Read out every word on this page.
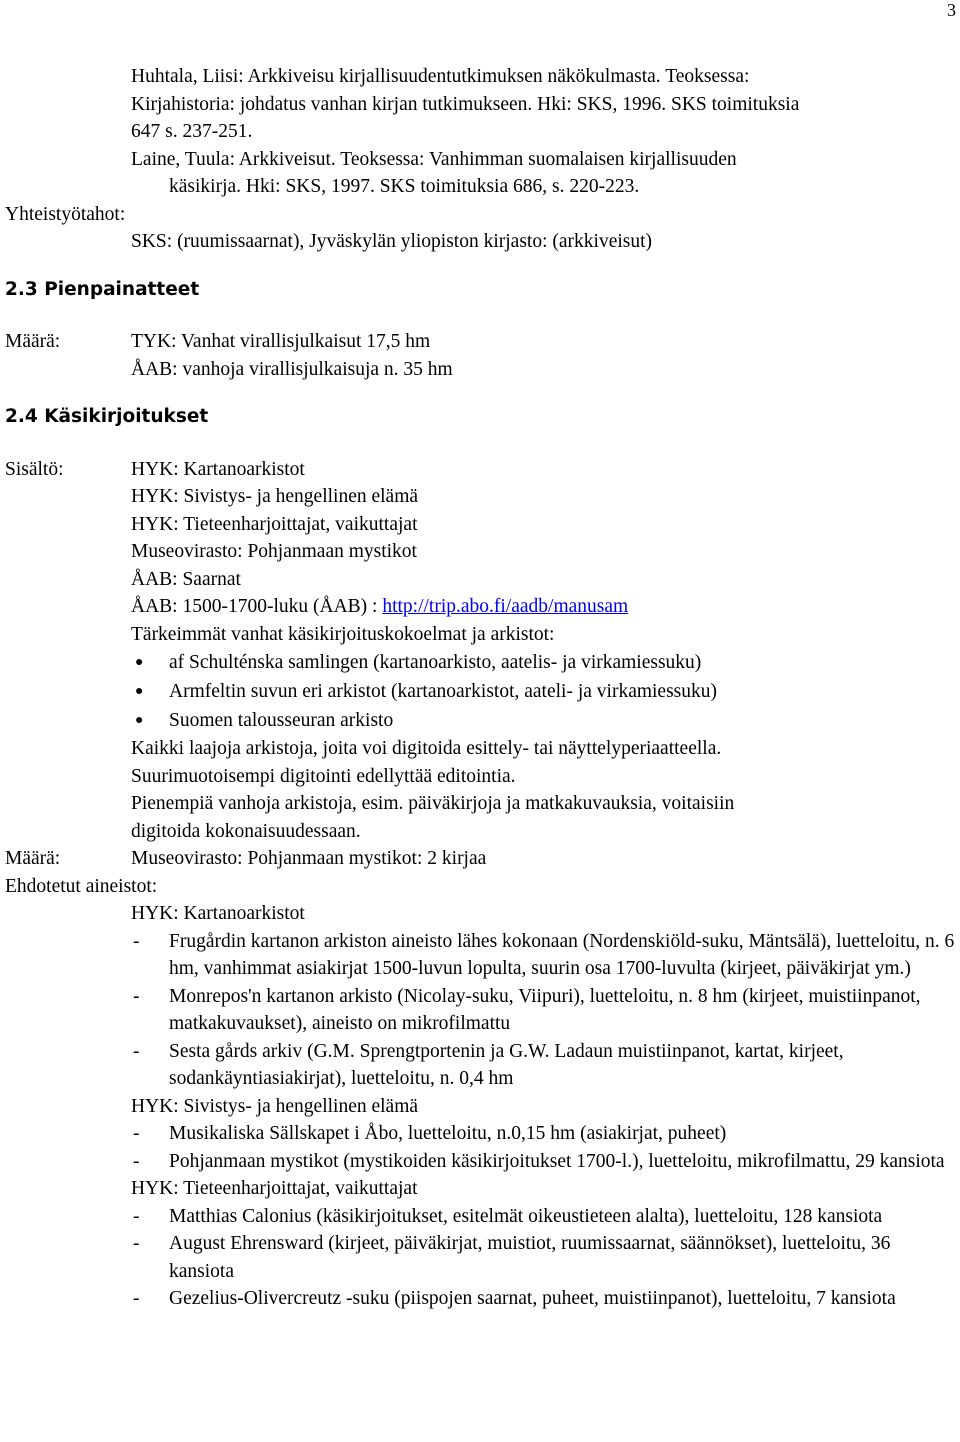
3
Huhtala, Liisi: Arkkiveisu kirjallisuudentutkimuksen näkökulmasta. Teoksessa:
Kirjahistoria: johdatus vanhan kirjan tutkimukseen. Hki: SKS, 1996. SKS toimituksia
647 s. 237-251.
Laine, Tuula: Arkkiveisut. Teoksessa: Vanhimman suomalaisen kirjallisuuden
käsikirja. Hki: SKS, 1997. SKS toimituksia 686, s. 220-223.
Yhteistyötahot:
SKS: (ruumissaarnat), Jyväskylän yliopiston kirjasto: (arkkiveisut)
2.3 Pienpainatteet
Määrä:	TYK: Vanhat virallisjulkaisut 17,5 hm
ÅAB: vanhoja virallisjulkaisuja n. 35 hm
2.4 Käsikirjoitukset
Sisältö:	HYK: Kartanoarkistot
HYK: Sivistys- ja hengellinen elämä
HYK: Tieteenharjoittajat, vaikuttajat
Museovirasto: Pohjanmaan mystikot
ÅAB: Saarnat
ÅAB: 1500-1700-luku (ÅAB) : http://trip.abo.fi/aadb/manusam
Tärkeimmät vanhat käsikirjoituskokoelmat ja arkistot:
●	af Schulténska samlingen (kartanoarkisto, aatelis- ja virkamiessuku)
●	Armfeltin suvun eri arkistot (kartanoarkistot, aateli- ja virkamiessuku)
●	Suomen talousseuran arkisto
Kaikki laajoja arkistoja, joita voi digitoida esittely- tai näyttelyperiaatteella.
Suurimuotoisempi digitointi edellyttää editointia.
Pienempiä vanhoja arkistoja, esim. päiväkirjoja ja matkakuvauksia, voitaisiin
digitoida kokonaisuudessaan.
Määrä:	Museovirasto: Pohjanmaan mystikot: 2 kirjaa
Ehdotetut aineistot:
HYK: Kartanoarkistot
-	Frugårdin kartanon arkiston aineisto lähes kokonaan (Nordenskiöld-suku, Mäntsälä), luetteloitu, n. 6 hm, vanhimmat asiakirjat 1500-luvun lopulta, suurin osa 1700-luvulta (kirjeet, päiväkirjat ym.)
-	Monrepos'n kartanon arkisto (Nicolay-suku, Viipuri), luetteloitu, n. 8 hm (kirjeet, muistiinpanot, matkakuvaukset), aineisto on mikrofilmattu
-	Sesta gårds arkiv (G.M. Sprengtportenin ja G.W. Ladaun muistiinpanot, kartat, kirjeet, sodankäyntiasiakirjat), luetteloitu, n. 0,4 hm
HYK: Sivistys- ja hengellinen elämä
-	Musikaliska Sällskapet i Åbo, luetteloitu, n.0,15 hm (asiakirjat, puheet)
-	Pohjanmaan mystikot (mystikoiden käsikirjoitukset 1700-l.), luetteloitu, mikrofilmattu, 29 kansiota
HYK: Tieteenharjoittajat, vaikuttajat
-	Matthias Calonius (käsikirjoitukset, esitelmät oikeustieteen alalta), luetteloitu, 128 kansiota
-	August Ehrensward (kirjeet, päiväkirjat, muistiot, ruumissaarnat, säännökset), luetteloitu, 36 kansiota
-	Gezelius-Olivercreutz -suku (piispojen saarnat, puheet, muistiinpanot), luetteloitu, 7 kansiota
